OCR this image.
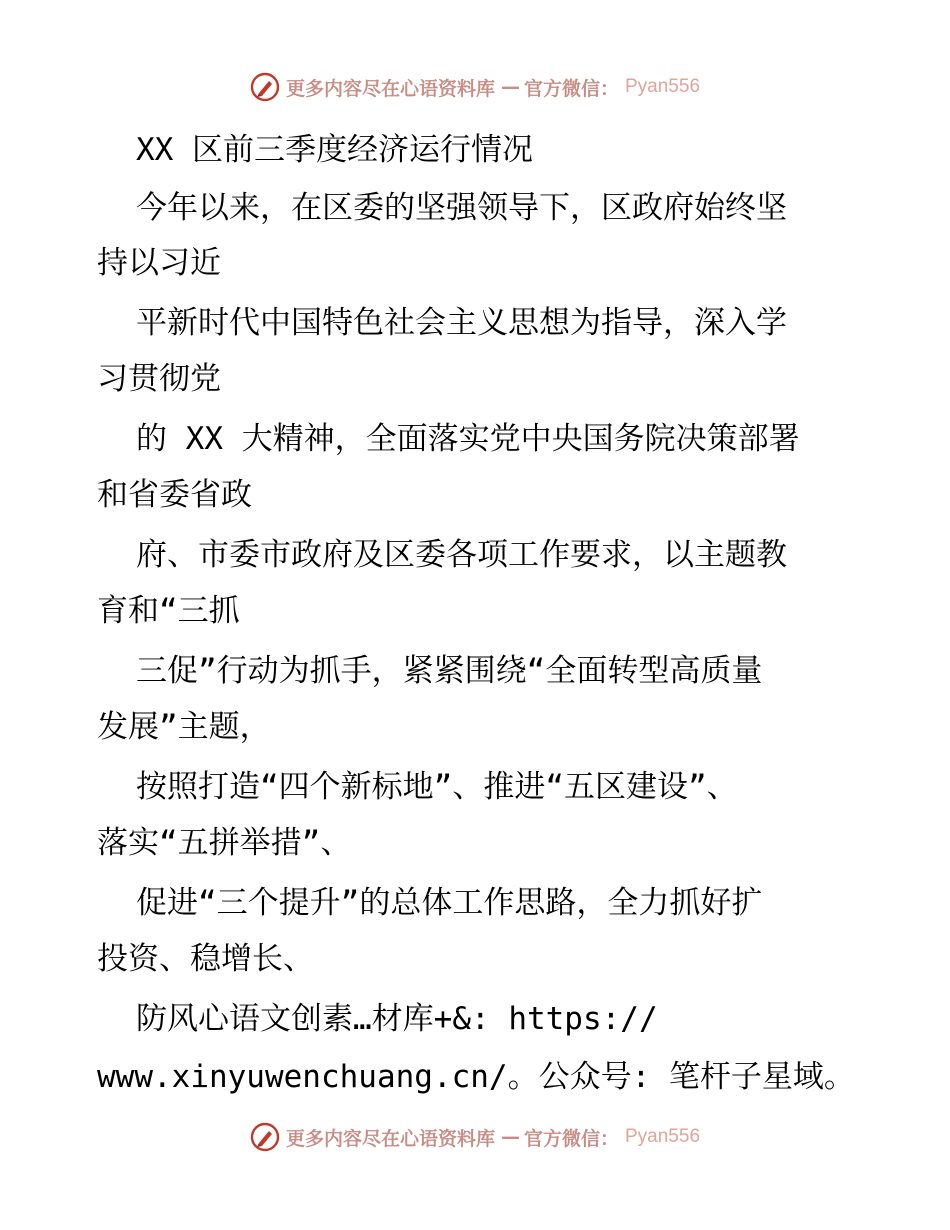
更多内容尽在心语资料库 — 官方微信： Pyan556
XX 区前三季度经济运行情况
今年以来，在区委的坚强领导下，区政府始终坚
持以习近
平新时代中国特色社会主义思想为指导，深入学
习贯彻党
的 XX 大精神，全面落实党中央国务院决策部署
和省委省政
府、市委市政府及区委各项工作要求，以主题教
育和“三抓
三促”行动为抓手，紧紧围绕“全面转型高质量
发展”主题，
按照打造“四个新标地”、推进“五区建设”、
落实“五拼举措”、
促进“三个提升”的总体工作思路，全力抓好扩
投资、稳增长、
防风心语文创素…材库+&: https://
www.xinyuwenchuang.cn/。公众号: 笔杆子星域。
更多内容尽在心语资料库 — 官方微信： Pyan556
